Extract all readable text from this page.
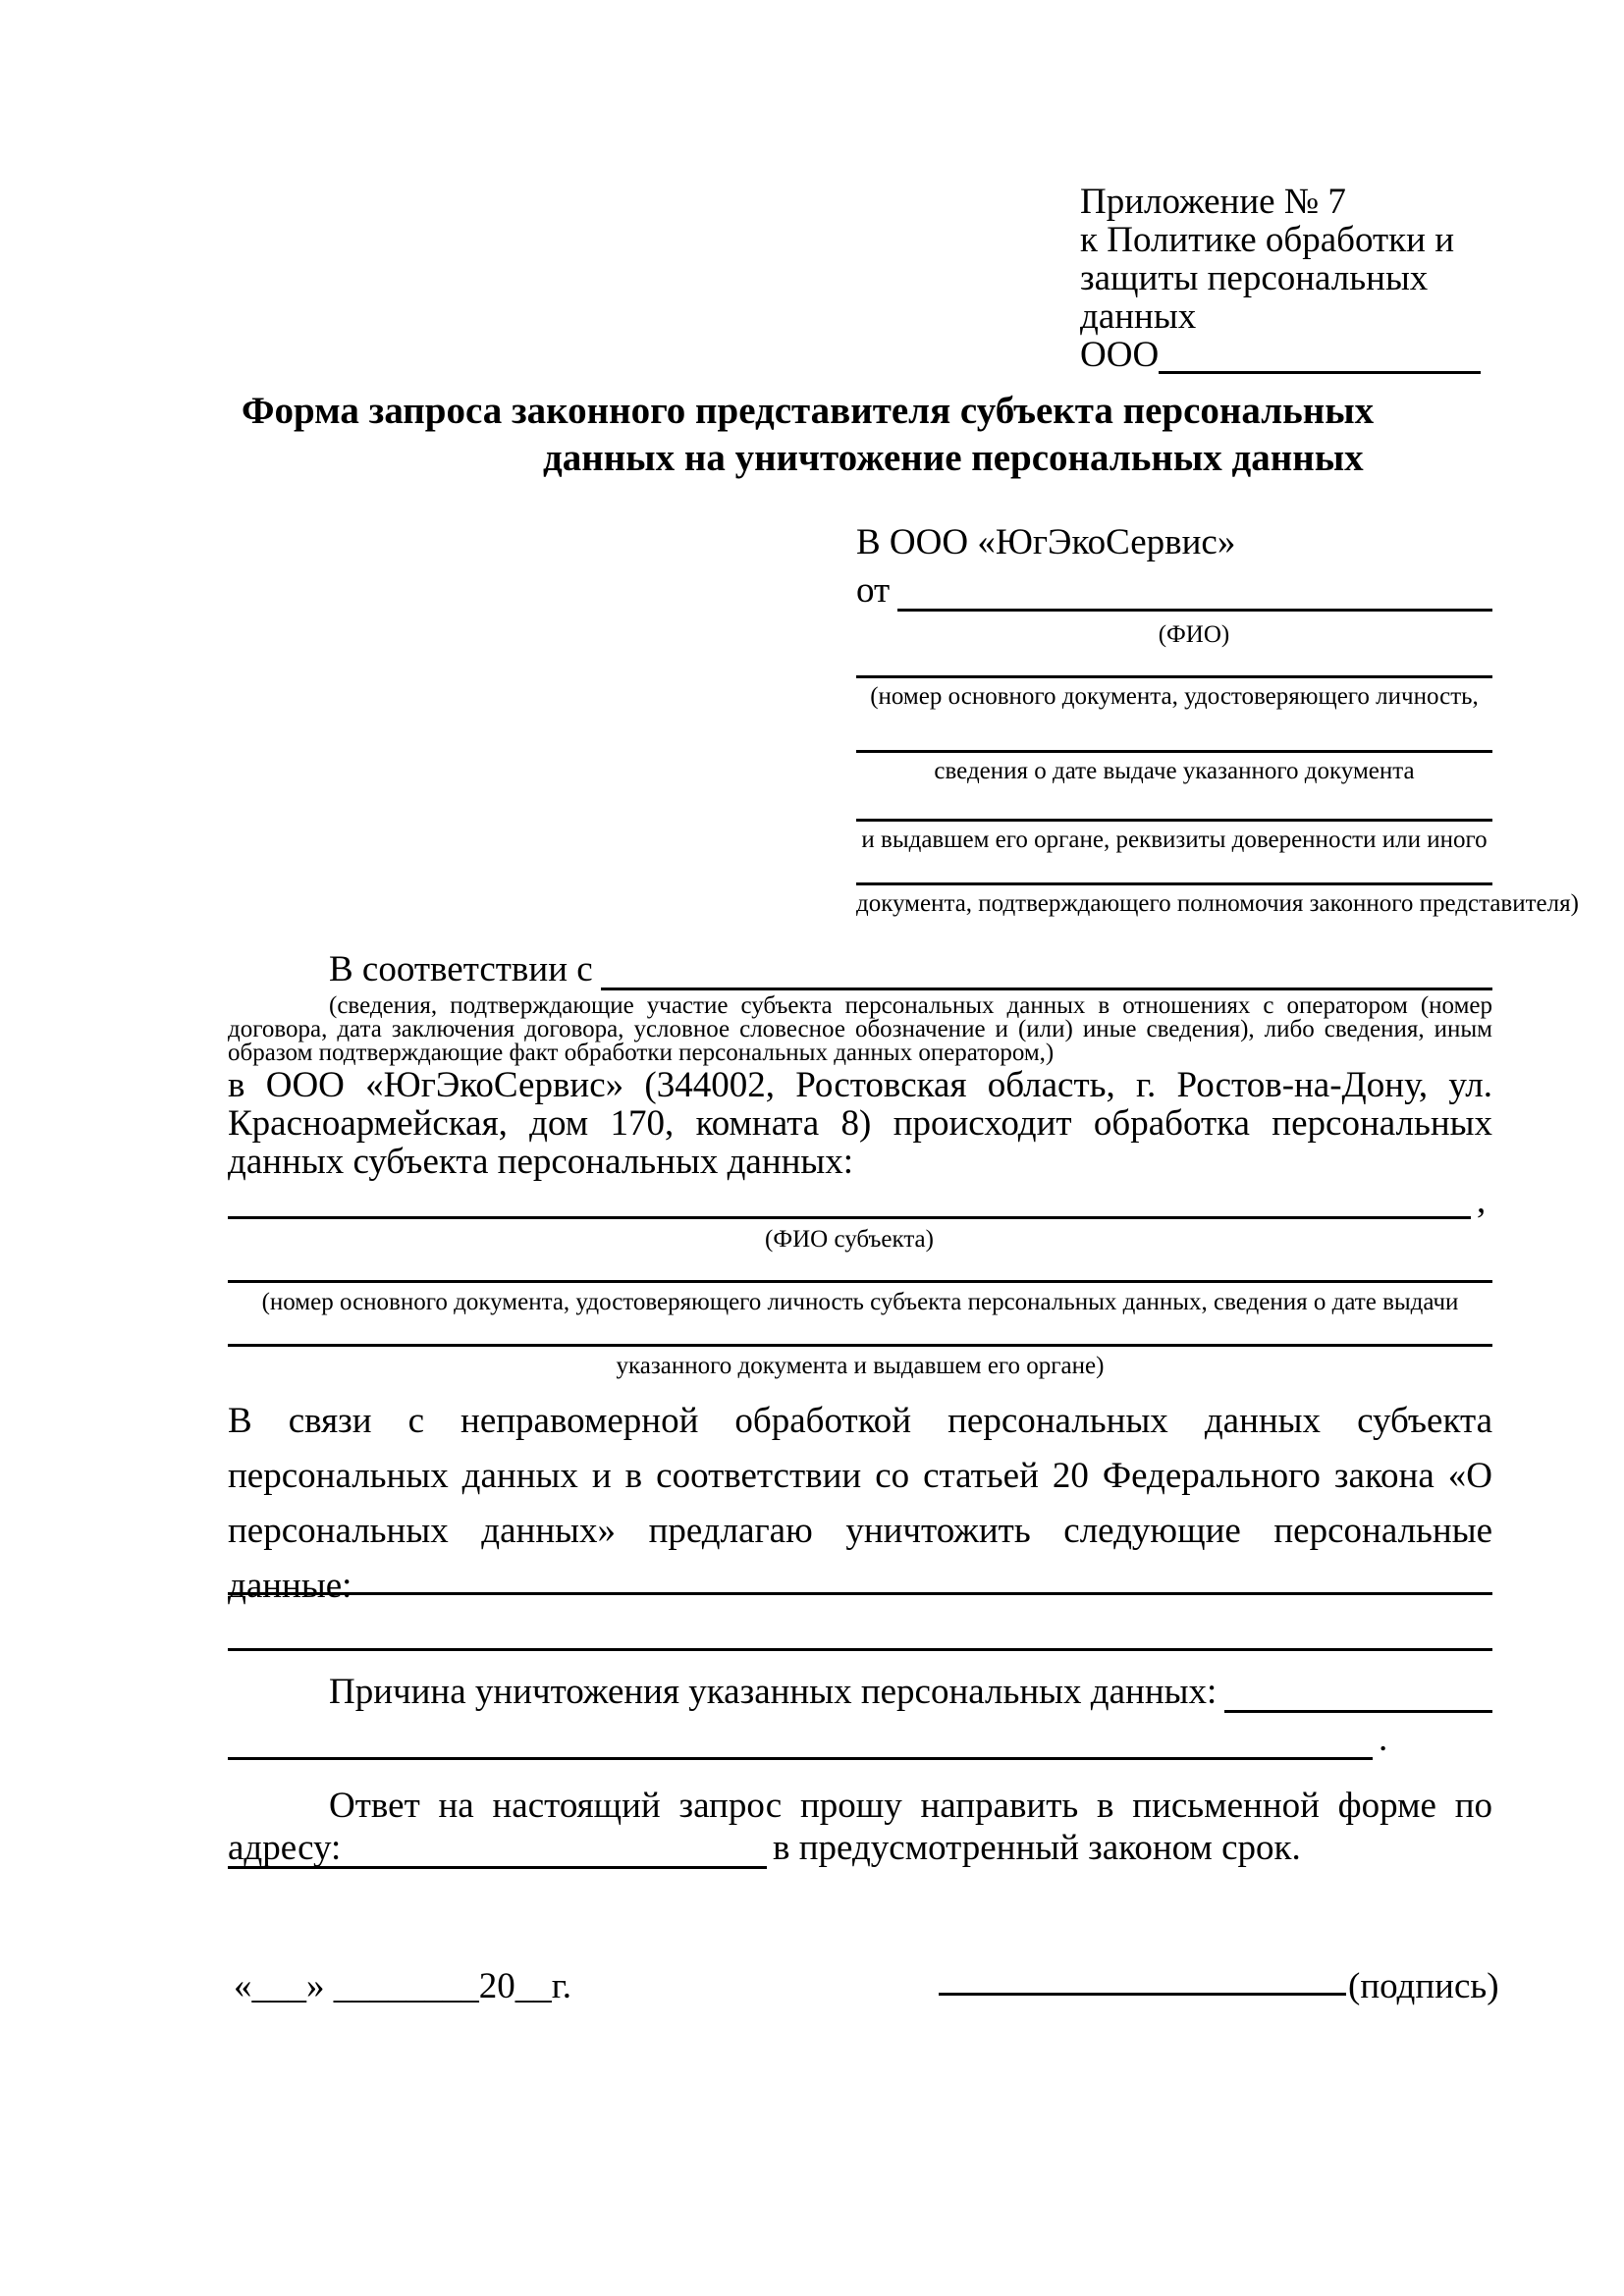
Приложение № 7
к Политике обработки и
защиты персональных данных
ООО
Форма запроса законного представителя субъекта персональных
данных на уничтожение персональных данных
В ООО «ЮгЭкоСервис»
от
(ФИО)
(номер основного документа, удостоверяющего личность,
сведения о дате выдаче указанного документа
и выдавшем его органе, реквизиты доверенности или иного
документа, подтверждающего полномочия законного представителя)
В соответствии с
(сведения, подтверждающие участие субъекта персональных данных в отношениях с оператором (номер договора, дата заключения договора, условное словесное обозначение и (или) иные сведения), либо сведения, иным образом подтверждающие факт обработки персональных данных оператором,)
в ООО «ЮгЭкоСервис» (344002, Ростовская область, г. Ростов-на-Дону, ул. Красноармейская, дом 170, комната 8) происходит обработка персональных данных субъекта персональных данных:
,
(ФИО субъекта)
(номер основного документа, удостоверяющего личность субъекта персональных данных, сведения о дате выдачи
указанного документа и выдавшем его органе)
В связи с неправомерной обработкой персональных данных субъекта персональных данных и в соответствии со статьей 20 Федерального закона «О персональных данных» предлагаю уничтожить следующие персональные данные:
Причина уничтожения указанных персональных данных:
.
Ответ на настоящий запрос прошу направить в письменной форме по адресу:	в предусмотренный законом срок.
«___» ________20__г.	(подпись)
